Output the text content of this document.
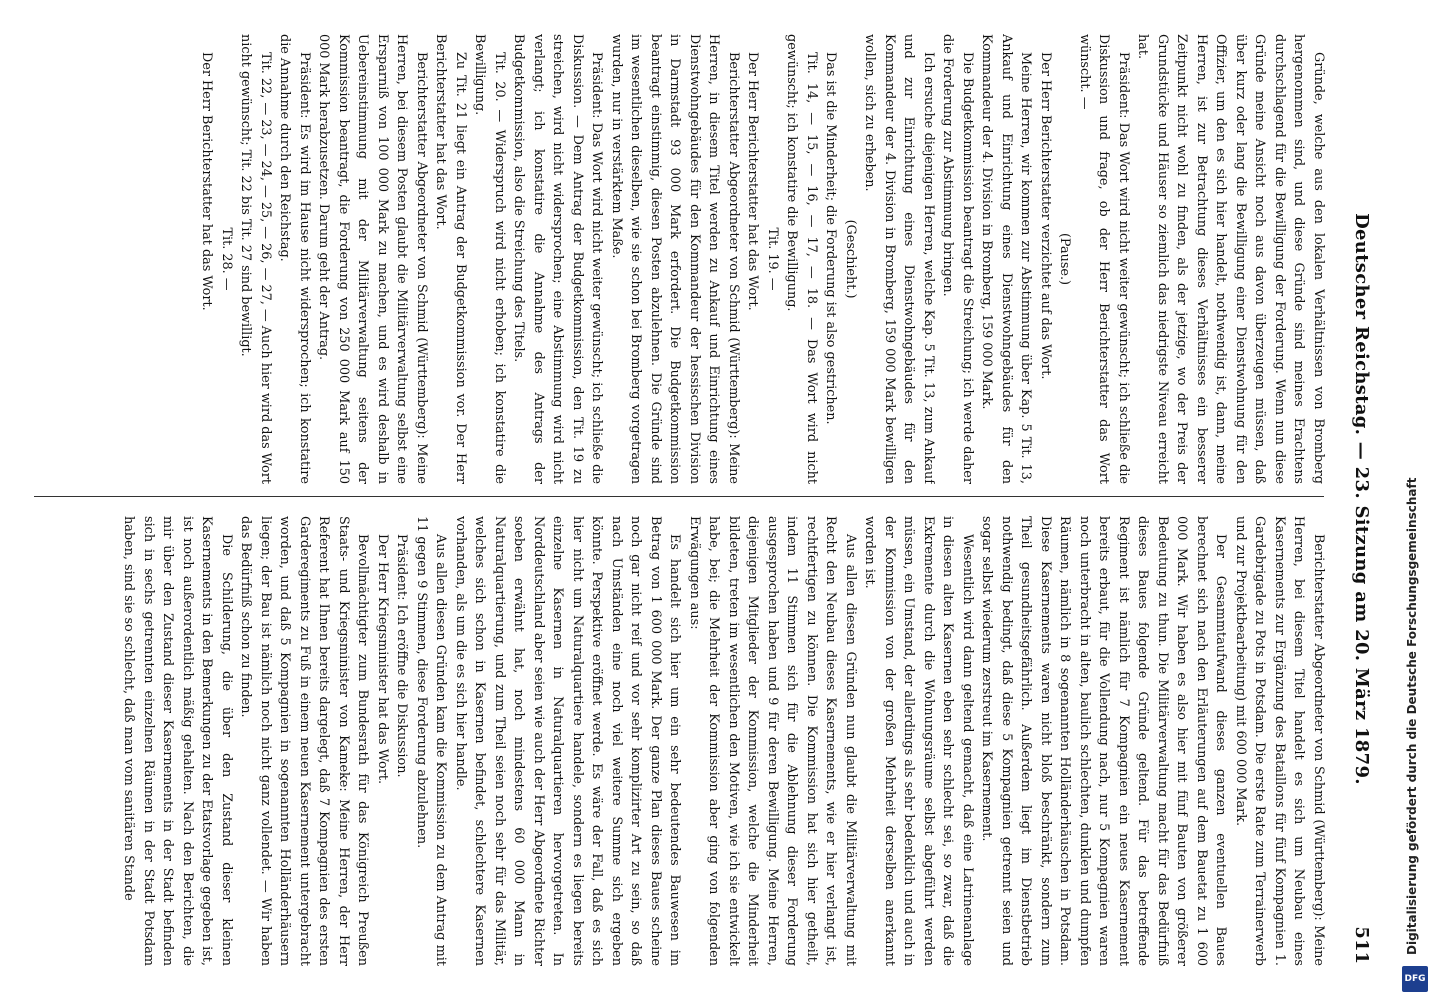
Deutscher Reichstag. — 23. Sitzung am 20. März 1879.
511

Gründe, welche aus den lokalen Verhältnissen von Bromberg hergenommen sind, und diese Gründe sind meines Erachtens durchschlagend für die Bewilligung der Forderung. Wenn nun diese Gründe meine Ansicht noch aus davon überzeugen müssen, daß über kurz oder lang die Bewilligung einer Dienstwohnung für den Offizier, um den es sich hier handelt, nothwendig ist, dann, meine Herren, ist zur Betrachtung dieses Verhältnisses ein besserer Zeitpunkt nicht wohl zu finden, als der jetzige, wo der Preis der Grundstücke und Häuser so ziemlich das niedrigste Niveau erreicht hat.

Präsident: Das Wort wird nicht weiter gewünscht; ich schließe die Diskussion und frage, ob der Herr Berichterstatter das Wort wünscht. —

(Pause.)

Der Herr Berichterstatter verzichtet auf das Wort.

Meine Herren, wir kommen zur Abstimmung über Kap. 5 Tit. 13, Ankauf und Einrichtung eines Dienstwohngebäudes für den Kommandeur der 4. Division in Bromberg, 159 000 Mark.

Die Budgetkommission beantragt die Streichung; ich werde daher die Forderung zur Abstimmung bringen.

Ich ersuche diejenigen Herren, welche Kap. 5 Tit. 13, zum Ankauf und zur Einrichtung eines Dienstwohngebäudes für den Kommandeur der 4. Division in Bromberg, 159 000 Mark bewilligen wollen, sich zu erheben.

(Geschieht.)

Das ist die Minderheit; die Forderung ist also gestrichen.

Tit. 14, — 15, — 16, — 17, — 18. — Das Wort wird nicht gewünscht; ich konstatire die Bewilligung.

Tit. 19. —

Der Herr Berichterstatter hat das Wort.

Berichterstatter Abgeordneter von Schmid (Württemberg): Meine Herren, in diesem Titel werden zu Ankauf und Einrichtung eines Dienstwohngebäudes für den Kommandeur der hessischen Division in Darmstadt 93 000 Mark erfordert. Die Budgetkommission beantragt einstimmig, diesen Posten abzulehnen. Die Gründe sind im wesentlichen dieselben, wie sie schon bei Bromberg vorgetragen wurden, nur in verstärktem Maße.

Präsident: Das Wort wird nicht weiter gewünscht; ich schließe die Diskussion. — Dem Antrag der Budgetkommission, den Tit. 19 zu streichen, wird nicht widersprochen; eine Abstimmung wird nicht verlangt; ich konstatire die Annahme des Antrags der Budgetkommission, also die Streichung des Titels.

Tit. 20. — Widerspruch wird nicht erhoben; ich konstatire die Bewilligung.

Zu Tit. 21 liegt ein Antrag der Budgetkommission vor. Der Herr Berichterstatter hat das Wort.

Berichterstatter Abgeordneter von Schmid (Württemberg): Meine Herren, bei diesem Posten glaubt die Militärverwaltung selbst eine Ersparniß von 100 000 Mark zu machen, und es wird deshalb in Uebereinstimmung mit der Militärverwaltung seitens der Kommission beantragt, die Forderung von 250 000 Mark auf 150 000 Mark herabzusetzen. Darum geht der Antrag.

Präsident: Es wird im Hause nicht widersprochen; ich konstatire die Annahme durch den Reichstag.

Tit. 22, — 23, — 24, — 25, — 26, — 27, — Auch hier wird das Wort nicht gewünscht; Tit. 22 bis Tit. 27 sind bewilligt.

Tit. 28. —

Der Herr Berichterstatter hat das Wort.

Berichterstatter Abgeordneter von Schmid (Württemberg): Meine Herren, bei diesem Titel handelt es sich um Neubau eines Kasernements zur Ergänzung des Bataillons für fünf Kompagnien 1. Gardebrigade zu Pots in Potsdam. Die erste Rate zum Terrainerwerb und zur Projektbearbeitung) mit 600 000 Mark.

Der Gesammtaufwand dieses ganzen eventuellen Baues berechnet sich nach den Erläuterungen auf dem Bauetat zu 1 600 000 Mark. Wir haben es also hier mit fünf Bauten von größerer Bedeutung zu thun. Die Militärverwaltung macht für das Bedürfniß dieses Baues folgende Gründe geltend. Für das betreffende Regiment ist nämlich für 7 Kompagnien ein neues Kasernement bereits erbaut, für die Vollendung nach, nur 5 Kompagnien waren noch unterbracht in alten, baulich schlechten, dunklen und dumpfen Räumen, nämlich in 8 sogenannten Holländerhäuschen in Potsdam. Diese Kasernements waren nicht bloß beschränkt, sondern zum Theil gesundheitsgefährlich. Außerdem liegt im Dienstbetrieb nothwendig bedingt, daß diese 5 Kompagnien getrennt seien und sogar selbst wiederum zerstreut im Kasernement.

Wesentlich wird dann geltend gemacht, daß eine Latrinenanlage in diesen alten Kasernen eben sehr schlecht sei, so zwar, daß die Exkremente durch die Wohnungsräume selbst abgeführt werden müssen, ein Umstand, der allerdings als sehr bedenklich und auch in der Kommission von der großen Mehrheit derselben anerkannt worden ist.

Aus allen diesen Gründen nun glaubt die Militärverwaltung mit Recht den Neubau dieses Kasernements, wie er hier verlangt ist, rechtfertigen zu können. Die Kommission hat sich hier getheilt, indem 11 Stimmen sich für die Ablehnung dieser Forderung ausgesprochen haben und 9 für deren Bewilligung. Meine Herren, diejenigen Mitglieder der Kommission, welche die Minderheit bildeten, treten im wesentlichen den Motiven, wie ich sie entwickelt habe, bei; die Mehrheit der Kommission aber ging von folgenden Erwägungen aus:

Es handelt sich hier um ein sehr bedeutendes Bauwesen im Betrag von 1 600 000 Mark. Der ganze Plan dieses Baues scheine noch gar nicht reif und vor sehr komplizirter Art zu sein, so daß nach Umständen eine noch viel weitere Summe sich ergeben könnte. Perspektive eröffnet werde. Es wäre der Fall, daß es sich hier nicht um Naturalquartiere handele, sondern es liegen bereits einzelne Kasernen in Naturalquartieren hervorgetreten. In Norddeutschland aber seien wie auch der Herr Abgeordnete Richter soeben erwähnt hat, noch mindestens 60 000 Mann in Naturalquartierung, und zum Theil seien noch sehr für das Militär, welches sich schon in Kasernen befindet, schlechtere Kasernen vorhanden, als um die es sich hier handle.

Aus allen diesen Gründen kam die Kommission zu dem Antrag mit 11 gegen 9 Stimmen, diese Forderung abzulehnen.

Präsident: Ich eröffne die Diskussion.

Der Herr Kriegsminister hat das Wort.

Bevollmächtigter zum Bundesrath für das Königreich Preußen Staats- und Kriegsminister von Kameke: Meine Herren, der Herr Referent hat Ihnen bereits dargelegt, daß 7 Kompagnien des ersten Garderegiments zu Fuß in einem neuen Kasernement untergebracht worden, und daß 5 Kompagnien in sogenannten Holländerhäusern liegen; der Bau ist nämlich noch nicht ganz vollendet. — Wir haben das Bedürfniß schon zu finden.

Die Schilderung, die über den Zustand dieser kleinen Kasernements in den Bemerkungen zu der Etatsvorlage gegeben ist, ist noch außerordentlich mäßig gehalten. Nach den Berichten, die mir über den Zustand dieser Kasernements in der Stadt befinden sich in sechs getrennten einzelnen Räumen in der Stadt Potsdam haben, sind sie so schlecht, daß man vom sanitären Stande	Digitalisierung gefördert durch die Deutsche Forschungsgemeinschaft
DFG
